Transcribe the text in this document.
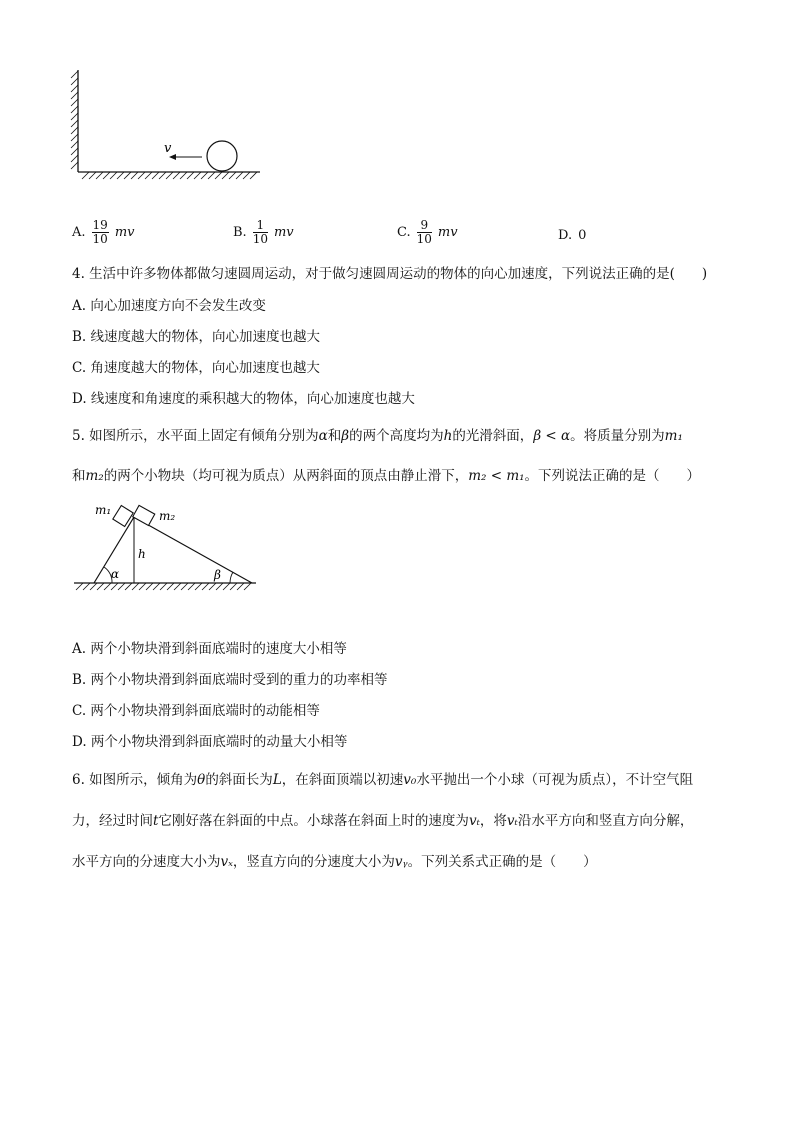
v
A. $\frac{19}{10}$ mv	B. $\frac{1}{10}$ mv	C. $\frac{9}{10}$ mv	D. 0
4. 生活中许多物体都做匀速圆周运动，对于做匀速圆周运动的物体的向心加速度，下列说法正确的是(　　)
A. 向心加速度方向不会发生改变
B. 线速度越大的物体，向心加速度也越大
C. 角速度越大的物体，向心加速度也越大
D. 线速度和角速度的乘积越大的物体，向心加速度也越大
5. 如图所示，水平面上固定有倾角分别为α和β的两个高度均为h的光滑斜面，β < α。将质量分别为m₁
和m₂的两个小物块（均可视为质点）从两斜面的顶点由静止滑下，m₂ < m₁。下列说法正确的是（　　）
m₁	m₂
h
α	β
A. 两个小物块滑到斜面底端时的速度大小相等
B. 两个小物块滑到斜面底端时受到的重力的功率相等
C. 两个小物块滑到斜面底端时的动能相等
D. 两个小物块滑到斜面底端时的动量大小相等
6. 如图所示，倾角为θ的斜面长为L，在斜面顶端以初速v₀水平抛出一个小球（可视为质点），不计空气阻
力，经过时间t它刚好落在斜面的中点。小球落在斜面上时的速度为vₜ，将vₜ沿水平方向和竖直方向分解，
水平方向的分速度大小为vₓ，竖直方向的分速度大小为vᵧ。下列关系式正确的是（　　）
